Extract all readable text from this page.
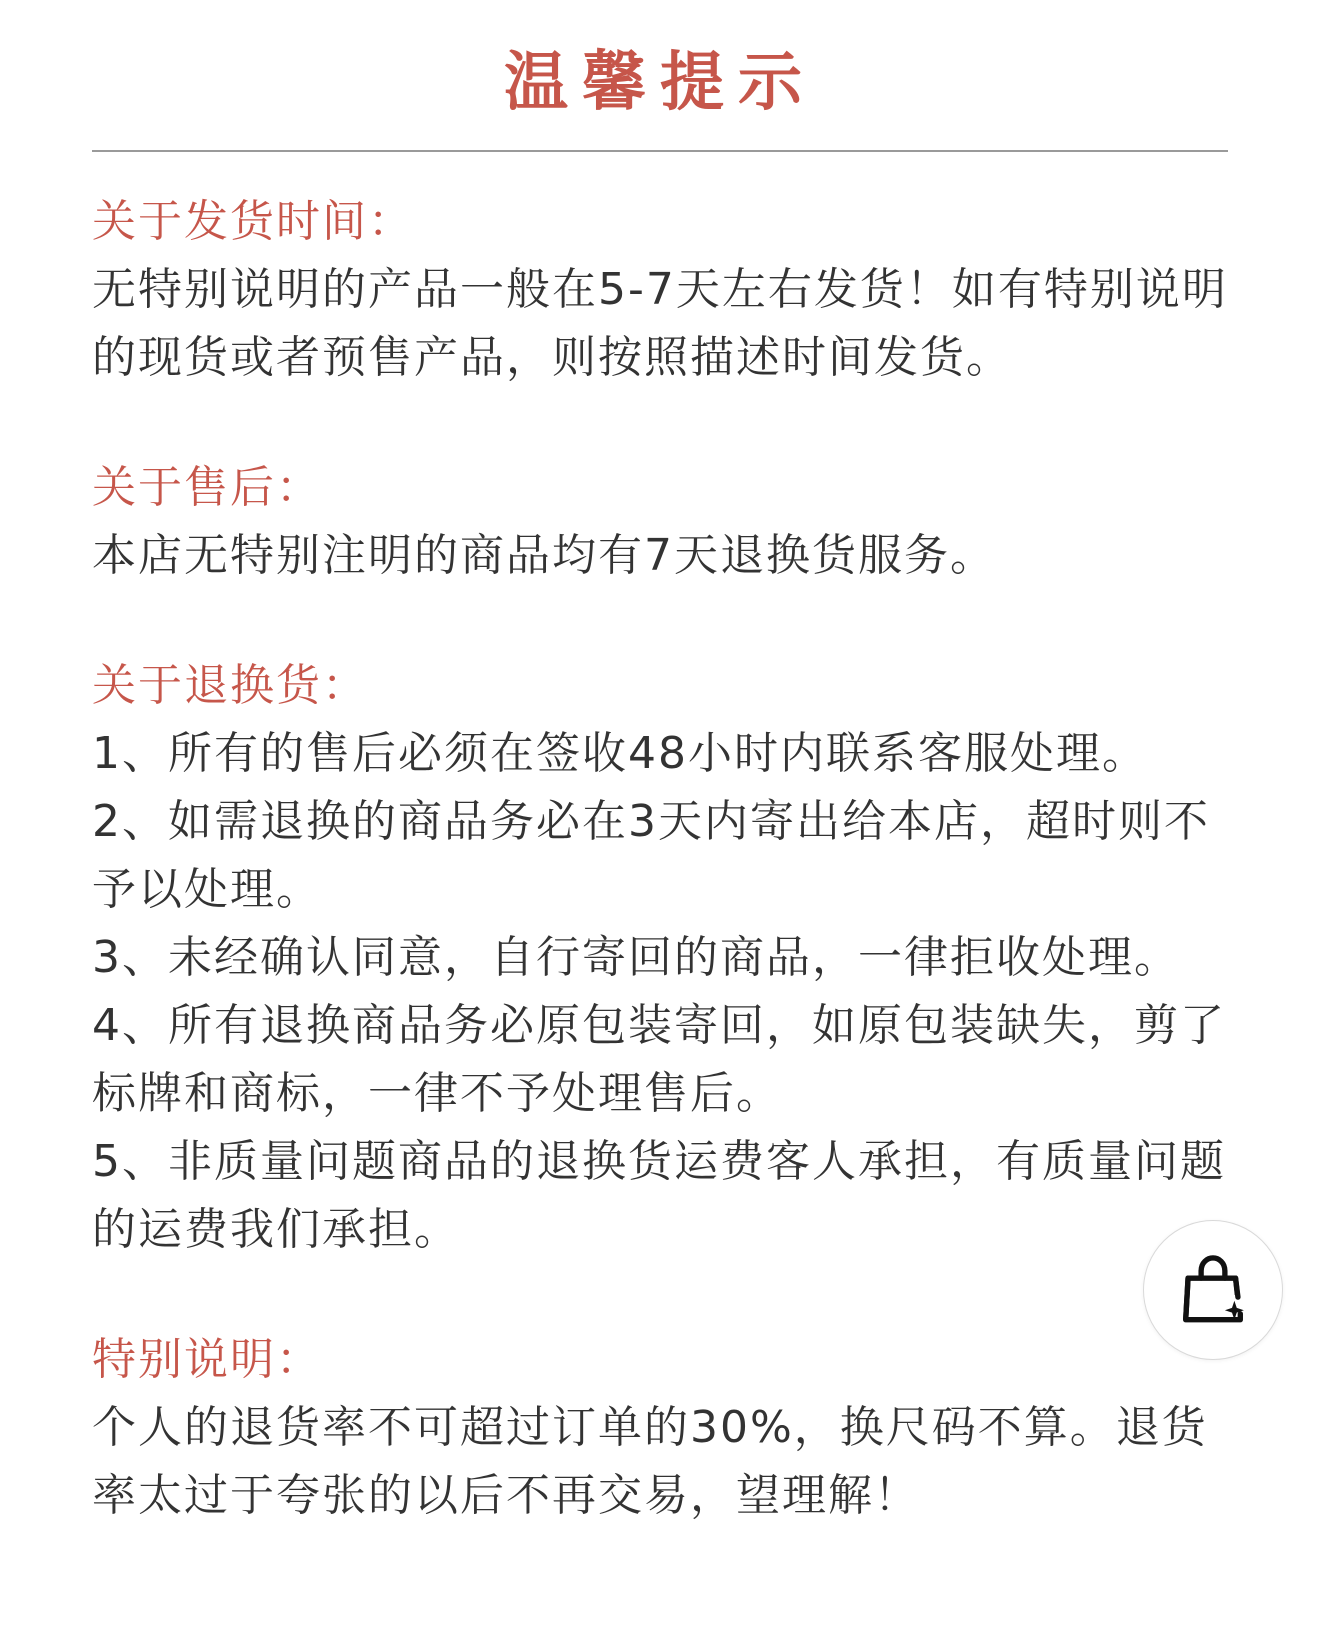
温馨提示

关于发货时间：

无特别说明的产品一般在5-7天左右发货！如有特别说明的现货或者预售产品，则按照描述时间发货。

关于售后：

本店无特别注明的商品均有7天退换货服务。

关于退换货：

1、所有的售后必须在签收48小时内联系客服处理。

2、如需退换的商品务必在3天内寄出给本店，超时则不予以处理。

3、未经确认同意，自行寄回的商品，一律拒收处理。

4、所有退换商品务必原包装寄回，如原包装缺失，剪了标牌和商标，一律不予处理售后。

5、非质量问题商品的退换货运费客人承担，有质量问题的运费我们承担。

特别说明：

个人的退货率不可超过订单的30%，换尺码不算。退货率太过于夸张的以后不再交易，望理解！
